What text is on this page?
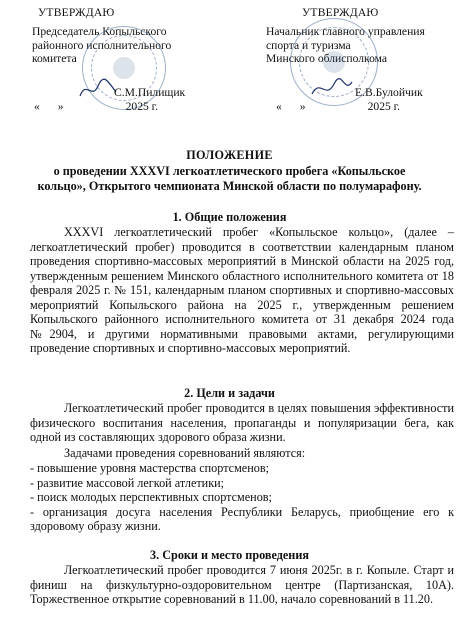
УТВЕРЖДАЮ
Председатель Копыльского
районного исполнительного
комитета
С.М.Пилищик
« »	2025 г.
УТВЕРЖДАЮ
Начальник главного управления
спорта и туризма
Минского облисполкома
Е.В.Булойчик
« »	2025 г.
ПОЛОЖЕНИЕ
о проведении XXXVI легкоатлетического пробега «Копыльское кольцо», Открытого чемпионата Минской области по полумарафону.
1. Общие положения

XXXVI легкоатлетический пробег «Копыльское кольцо», (далее – легкоатлетический пробег) проводится в соответствии календарным планом проведения спортивно-массовых мероприятий в Минской области на 2025 год, утвержденным решением Минского областного исполнительного комитета от 18 февраля 2025 г. № 151, календарным планом спортивных и спортивно-массовых мероприятий Копыльского района на 2025 г., утвержденным решением Копыльского районного исполнительного комитета от 31 декабря 2024 года №2904, и другими нормативными правовыми актами, регулирующими проведение спортивных и спортивно-массовых мероприятий.

2. Цели и задачи

Легкоатлетический пробег проводится в целях повышения эффективности физического воспитания населения, пропаганды и популяризации бега, как одной из составляющих здорового образа жизни.

Задачами проведения соревнований являются:

- повышение уровня мастерства спортсменов;
- развитие массовой легкой атлетики;
- поиск молодых перспективных спортсменов;
- организация досуга населения Республики Беларусь, приобщение его к здоровому образу жизни.
3. Сроки и место проведения

Легкоатлетический пробег проводится 7 июня 2025г. в г. Копыле. Старт и финиш на физкультурно-оздоровительном центре (Партизанская, 10А). Торжественное открытие соревнований в 11.00, начало соревнований в 11.20.
